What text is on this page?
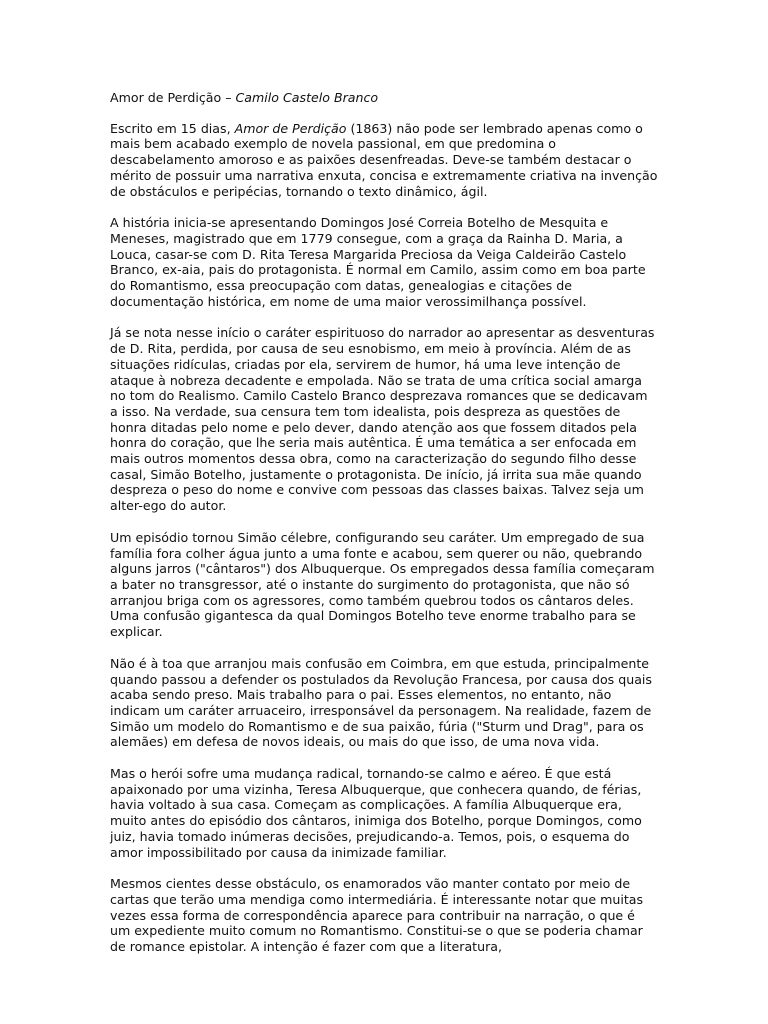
Amor de Perdição – Camilo Castelo Branco

Escrito em 15 dias, Amor de Perdição (1863) não pode ser lembrado apenas como o mais bem acabado exemplo de novela passional, em que predomina o descabelamento amoroso e as paixões desenfreadas. Deve-se também destacar o mérito de possuir uma narrativa enxuta, concisa e extremamente criativa na invenção de obstáculos e peripécias, tornando o texto dinâmico, ágil.

A história inicia-se apresentando Domingos José Correia Botelho de Mesquita e Meneses, magistrado que em 1779 consegue, com a graça da Rainha D. Maria, a Louca, casar-se com D. Rita Teresa Margarida Preciosa da Veiga Caldeirão Castelo Branco, ex-aia, pais do protagonista. É normal em Camilo, assim como em boa parte do Romantismo, essa preocupação com datas, genealogias e citações de documentação histórica, em nome de uma maior verossimilhança possível.

Já se nota nesse início o caráter espirituoso do narrador ao apresentar as desventuras de D. Rita, perdida, por causa de seu esnobismo, em meio à província. Além de as situações ridículas, criadas por ela, servirem de humor, há uma leve intenção de ataque à nobreza decadente e empolada. Não se trata de uma crítica social amarga no tom do Realismo. Camilo Castelo Branco desprezava romances que se dedicavam a isso. Na verdade, sua censura tem tom idealista, pois despreza as questões de honra ditadas pelo nome e pelo dever, dando atenção aos que fossem ditados pela honra do coração, que lhe seria mais autêntica. É uma temática a ser enfocada em mais outros momentos dessa obra, como na caracterização do segundo filho desse casal, Simão Botelho, justamente o protagonista. De início, já irrita sua mãe quando despreza o peso do nome e convive com pessoas das classes baixas. Talvez seja um alter-ego do autor.

Um episódio tornou Simão célebre, configurando seu caráter. Um empregado de sua família fora colher água junto a uma fonte e acabou, sem querer ou não, quebrando alguns jarros ("cântaros") dos Albuquerque. Os empregados dessa família começaram a bater no transgressor, até o instante do surgimento do protagonista, que não só arranjou briga com os agressores, como também quebrou todos os cântaros deles. Uma confusão gigantesca da qual Domingos Botelho teve enorme trabalho para se explicar.

Não é à toa que arranjou mais confusão em Coimbra, em que estuda, principalmente quando passou a defender os postulados da Revolução Francesa, por causa dos quais acaba sendo preso. Mais trabalho para o pai. Esses elementos, no entanto, não indicam um caráter arruaceiro, irresponsável da personagem. Na realidade, fazem de Simão um modelo do Romantismo e de sua paixão, fúria ("Sturm und Drag", para os alemães) em defesa de novos ideais, ou mais do que isso, de uma nova vida.

Mas o herói sofre uma mudança radical, tornando-se calmo e aéreo. É que está apaixonado por uma vizinha, Teresa Albuquerque, que conhecera quando, de férias, havia voltado à sua casa. Começam as complicações. A família Albuquerque era, muito antes do episódio dos cântaros, inimiga dos Botelho, porque Domingos, como juiz, havia tomado inúmeras decisões, prejudicando-a. Temos, pois, o esquema do amor impossibilitado por causa da inimizade familiar.

Mesmos cientes desse obstáculo, os enamorados vão manter contato por meio de cartas que terão uma mendiga como intermediária. É interessante notar que muitas vezes essa forma de correspondência aparece para contribuir na narração, o que é um expediente muito comum no Romantismo. Constitui-se o que se poderia chamar de romance epistolar. A intenção é fazer com que a literatura,
